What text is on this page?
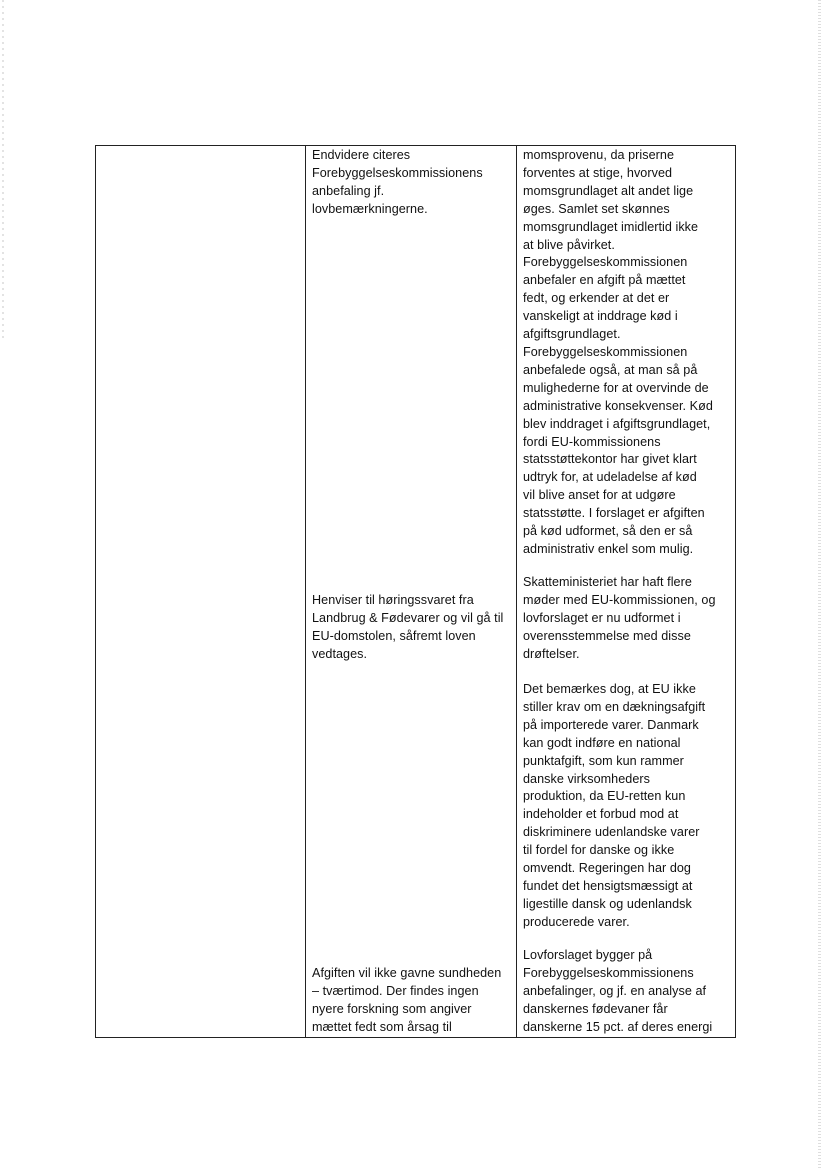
Endvidere citeres
Forebyggelseskommissionens
anbefaling jf.
lovbemærkningerne.
Henviser til høringssvaret fra
Landbrug & Fødevarer og vil gå til
EU-domstolen, såfremt loven
vedtages.
Afgiften vil ikke gavne sundheden
– tværtimod. Der findes ingen
nyere forskning som angiver
mættet fedt som årsag til
momsprovenu, da priserne
forventes at stige, hvorved
momsgrundlaget alt andet lige
øges. Samlet set skønnes
momsgrundlaget imidlertid ikke
at blive påvirket.
Forebyggelseskommissionen
anbefaler en afgift på mættet
fedt, og erkender at det er
vanskeligt at inddrage kød i
afgiftsgrundlaget.
Forebyggelseskommissionen
anbefalede også, at man så på
mulighederne for at overvinde de
administrative konsekvenser. Kød
blev inddraget i afgiftsgrundlaget,
fordi EU-kommissionens
statsstøttekontor har givet klart
udtryk for, at udeladelse af kød
vil blive anset for at udgøre
statsstøtte. I forslaget er afgiften
på kød udformet, så den er så
administrativ enkel som mulig.
Skatteministeriet har haft flere
møder med EU-kommissionen, og
lovforslaget er nu udformet i
overensstemmelse med disse
drøftelser.
Det bemærkes dog, at EU ikke
stiller krav om en dækningsafgift
på importerede varer. Danmark
kan godt indføre en national
punktafgift, som kun rammer
danske virksomheders
produktion, da EU-retten kun
indeholder et forbud mod at
diskriminere udenlandske varer
til fordel for danske og ikke
omvendt. Regeringen har dog
fundet det hensigtsmæssigt at
ligestille dansk og udenlandsk
producerede varer.
Lovforslaget bygger på
Forebyggelseskommissionens
anbefalinger, og jf. en analyse af
danskernes fødevaner får
danskerne 15 pct. af deres energi
